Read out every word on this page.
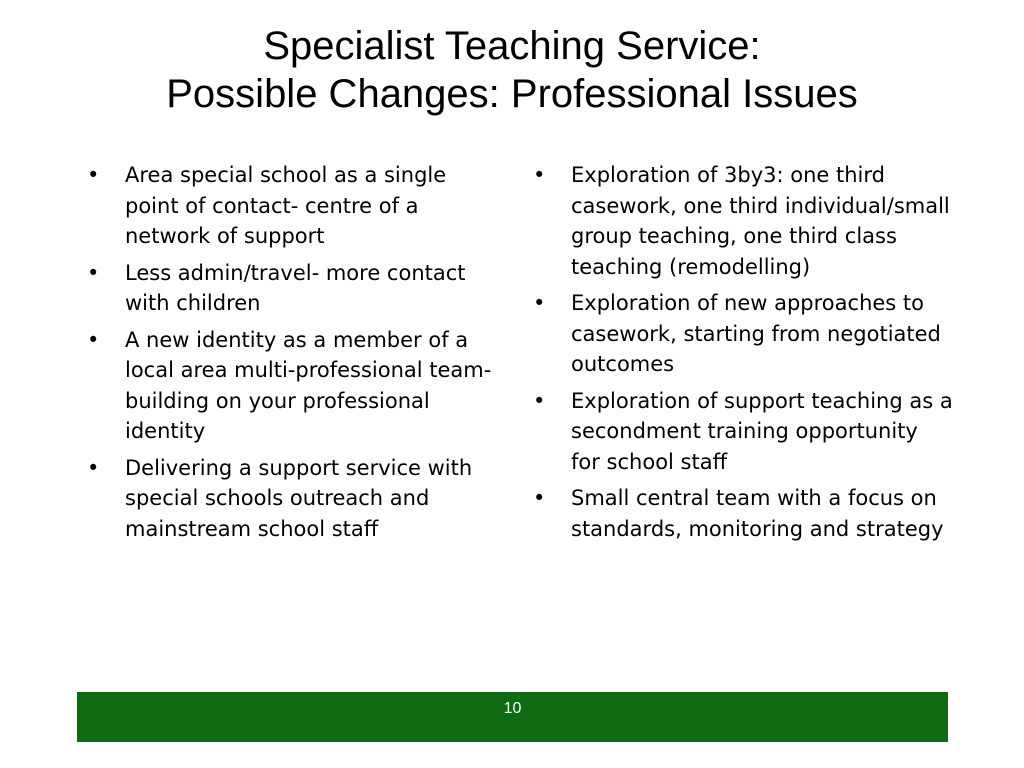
Specialist Teaching Service:
Possible Changes: Professional Issues
•	Area special school as a single point of contact- centre of a network of support
•	Less admin/travel- more contact with children
•	A new identity as a member of a local area multi-professional team- building on your professional identity
•	Delivering a support service with special schools outreach and mainstream school staff
•	Exploration of 3by3: one third casework, one third individual/small group teaching, one third class teaching (remodelling)
•	Exploration of new approaches to casework, starting from negotiated outcomes
•	Exploration of support teaching as a secondment training opportunity for school staff
•	Small central team with a focus on standards, monitoring and strategy
10
